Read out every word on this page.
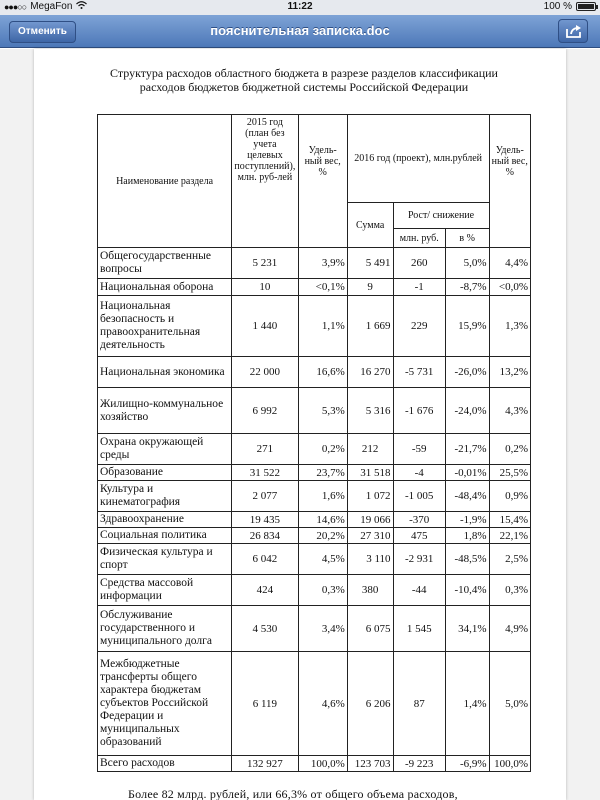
●●●○○ MegaFon	11:22	100 %
Отменить	пояснительная записка.doc
Структура расходов областного бюджета в разрезе разделов классификации
расходов бюджетов бюджетной системы Российской Федерации
Наименование раздела	2015 год (план без учета целевых поступлений), млн. руб-лей	Удель-ный вес, %	2016 год (проект), млн.рублей			Удель-ный вес, %
			Сумма	Рост/ снижение		
				млн. руб.	в %	
Общегосударственные вопросы	5 231	3,9%	5 491	260	5,0%	4,4%
Национальная оборона	10	<0,1%	9	-1	-8,7%	<0,0%
Национальная безопасность и правоохранительная деятельность	1 440	1,1%	1 669	229	15,9%	1,3%
Национальная экономика	22 000	16,6%	16 270	-5 731	-26,0%	13,2%
Жилищно-коммунальное хозяйство	6 992	5,3%	5 316	-1 676	-24,0%	4,3%
Охрана окружающей среды	271	0,2%	212	-59	-21,7%	0,2%
Образование	31 522	23,7%	31 518	-4	-0,01%	25,5%
Культура и кинематография	2 077	1,6%	1 072	-1 005	-48,4%	0,9%
Здравоохранение	19 435	14,6%	19 066	-370	-1,9%	15,4%
Социальная политика	26 834	20,2%	27 310	475	1,8%	22,1%
Физическая культура и спорт	6 042	4,5%	3 110	-2 931	-48,5%	2,5%
Средства массовой информации	424	0,3%	380	-44	-10,4%	0,3%
Обслуживание государственного и муниципального долга	4 530	3,4%	6 075	1 545	34,1%	4,9%
Межбюджетные трансферты общего характера бюджетам субъектов Российской Федерации и муниципальных образований	6 119	4,6%	6 206	87	1,4%	5,0%
Всего расходов	132 927	100,0%	123 703	-9 223	-6,9%	100,0%
Более 82 млрд. рублей, или 66,3% от общего объема расходов,
